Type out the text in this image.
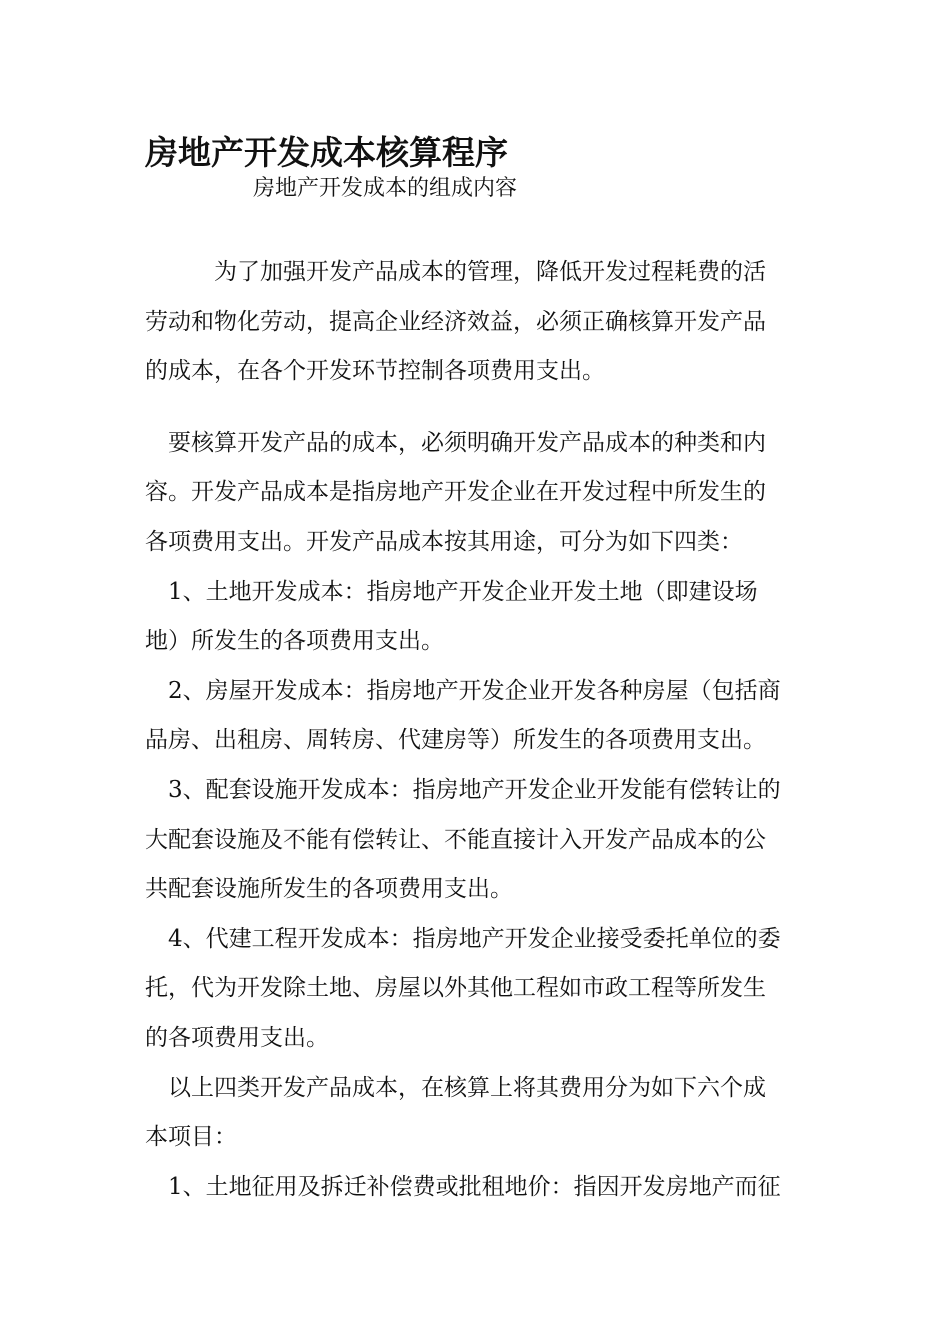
房地产开发成本核算程序

房地产开发成本的组成内容

　　　为了加强开发产品成本的管理，降低开发过程耗费的活

劳动和物化劳动，提高企业经济效益，必须正确核算开发产品

的成本，在各个开发环节控制各项费用支出。

　要核算开发产品的成本，必须明确开发产品成本的种类和内

容。开发产品成本是指房地产开发企业在开发过程中所发生的

各项费用支出。开发产品成本按其用途，可分为如下四类：

　1、土地开发成本：指房地产开发企业开发土地（即建设场

地）所发生的各项费用支出。

　2、房屋开发成本：指房地产开发企业开发各种房屋（包括商

品房、出租房、周转房、代建房等）所发生的各项费用支出。

　3、配套设施开发成本：指房地产开发企业开发能有偿转让的

大配套设施及不能有偿转让、不能直接计入开发产品成本的公

共配套设施所发生的各项费用支出。

　4、代建工程开发成本：指房地产开发企业接受委托单位的委

托，代为开发除土地、房屋以外其他工程如市政工程等所发生

的各项费用支出。

　以上四类开发产品成本，在核算上将其费用分为如下六个成

本项目：

　1、土地征用及拆迁补偿费或批租地价：指因开发房地产而征
